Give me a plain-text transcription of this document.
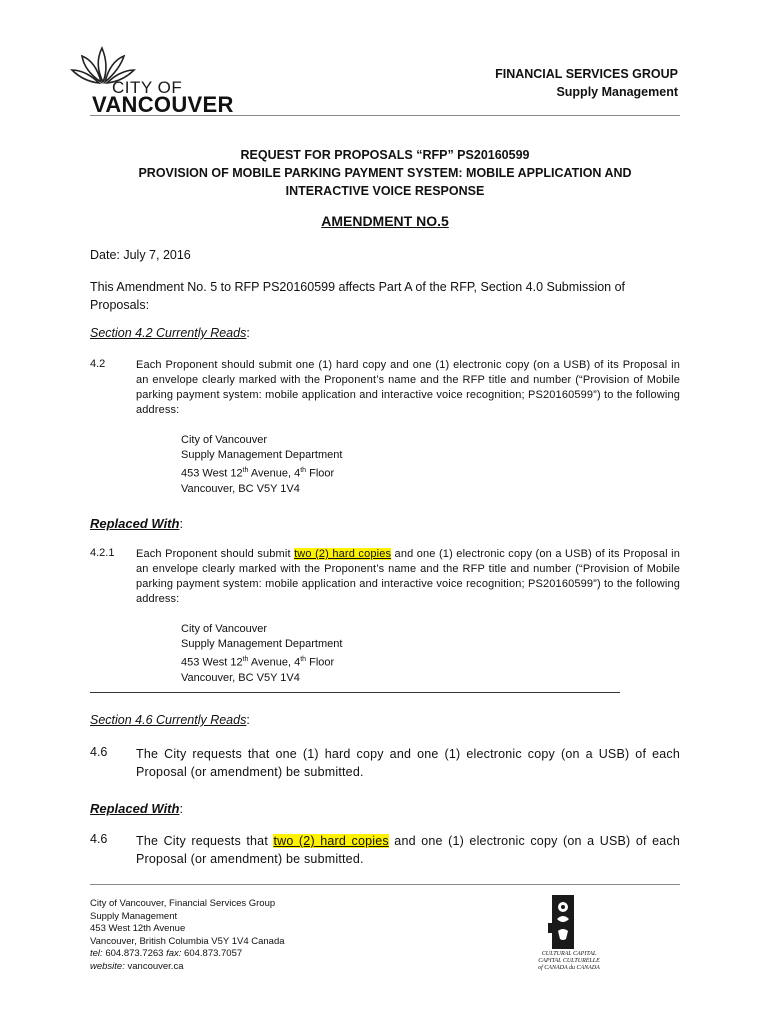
CITY OF
VANCOUVER
FINANCIAL SERVICES GROUP
Supply Management
REQUEST FOR PROPOSALS “RFP” PS20160599
PROVISION OF MOBILE PARKING PAYMENT SYSTEM: MOBILE APPLICATION AND
INTERACTIVE VOICE RESPONSE
AMENDMENT NO.5
Date: July 7, 2016
This Amendment No. 5 to RFP PS20160599 affects Part A of the RFP, Section 4.0 Submission of Proposals:
Section 4.2 Currently Reads:
4.2	Each Proponent should submit one (1) hard copy and one (1) electronic copy (on a USB) of its Proposal in an envelope clearly marked with the Proponent’s name and the RFP title and number (“Provision of Mobile parking payment system: mobile application and interactive voice recognition; PS20160599”) to the following address:
City of Vancouver
Supply Management Department
453 West 12th Avenue, 4th Floor
Vancouver, BC V5Y 1V4
Replaced With:
4.2.1 Each Proponent should submit two (2) hard copies and one (1) electronic copy (on a USB) of its Proposal in an envelope clearly marked with the Proponent’s name and the RFP title and number (“Provision of Mobile parking payment system: mobile application and interactive voice recognition; PS20160599”) to the following address:
City of Vancouver
Supply Management Department
453 West 12th Avenue, 4th Floor
Vancouver, BC V5Y 1V4
Section 4.6 Currently Reads:
4.6 The City requests that one (1) hard copy and one (1) electronic copy (on a USB) of each Proposal (or amendment) be submitted.
Replaced With:
4.6 The City requests that two (2) hard copies and one (1) electronic copy (on a USB) of each Proposal (or amendment) be submitted.
City of Vancouver, Financial Services Group
Supply Management
453 West 12th Avenue
Vancouver, British Columbia V5Y 1V4 Canada
tel: 604.873.7263 fax: 604.873.7057
website: vancouver.ca
CULTURAL CAPITAL
CAPITAL CULTURELLE
of CANADA du CANADA
